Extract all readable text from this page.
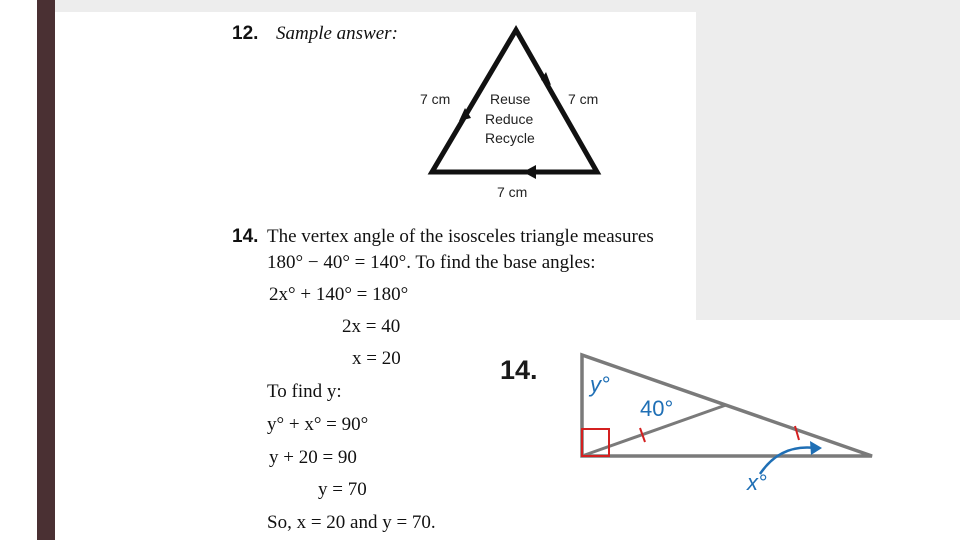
12. Sample answer:
7 cm	7 cm
7 cm
Reuse
Reduce
Recycle
14. The vertex angle of the isosceles triangle measures
180° − 40° = 140°. To find the base angles:
2x° + 140° = 180°
2x = 40
x = 20
To find y:
y° + x° = 90°
y + 20 = 90
y = 70
So, x = 20 and y = 70.
14. y°
40°
x°
